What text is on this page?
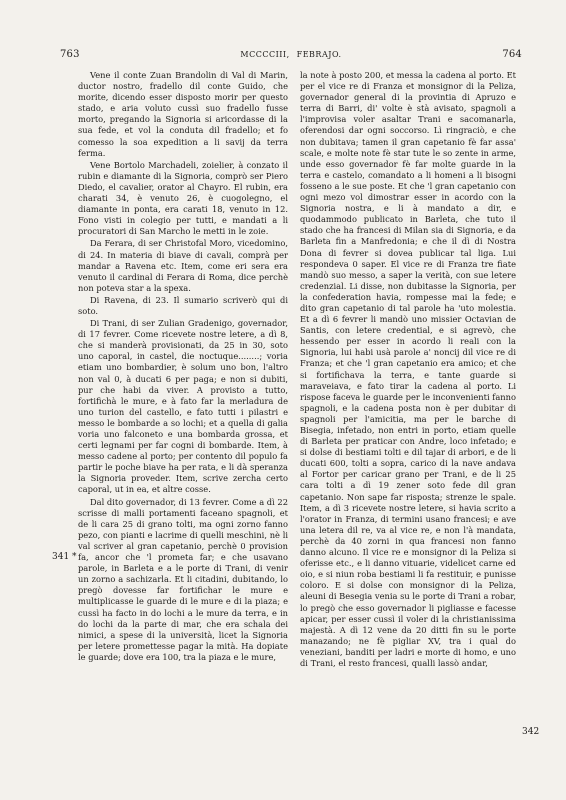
763	MCCCCIII, FEBRAJO.	764

Vene il conte Zuan Brandolin di Val di Marin, ductor nostro, fradello dil conte Guido, che morite, dicendo esser disposto morir per questo stado, e aria voluto cussì suo fradello fusse morto, pregando la Signoria si aricordasse di la sua fede, et vol la conduta dil fradello; et fo comesso la soa expedition a li savij da terra ferma.

Vene Bortolo Marchadeli, zoielier, à conzato il rubin e diamante di la Signoria, comprò ser Piero Diedo, el cavalier, orator al Chayro. El rubin, era charati 34, è venuto 26, è cuogolegno, el diamante in ponta, era carati 18, venuto in 12. Fono visti in colegio per tutti, e mandati a li procuratori di San Marcho le metti in le zoie.

Da Ferara, di ser Christofal Moro, vicedomino, di 24. In materia di biave di cavali, comprà per mandar a Ravena etc. Item, come eri sera era venuto il cardinal di Ferara di Roma, dice perchè non poteva star a la spexa.

Di Ravena, di 23. Il sumario scriverò qui di soto.

Di Trani, di ser Zulian Gradenigo, governador, di 17 fevrer. Come ricevete nostre letere, a dì 8, che si manderà provisionati, da 25 in 30, soto uno caporal, in castel, die noctuque........; voria etiam uno bombardier, è solum uno bon, l'altro non val 0, à ducati 6 per paga; e non si dubiti, pur che habi da viver. A provisto a tutto, fortifichà le mure, e à fato far la merladura de uno turion del castello, e fato tutti i pilastri e messo le bombarde a so lochi; et a quella di galia voria uno falconeto e una bombarda grossa, et certi legnami per far cogni di bombarde. Item, à messo cadene al porto; per contento dil populo fa partir le poche biave ha per rata, e li dà speranza la Signoria proveder. Item, scrive zercha certo caporal, ut in ea, et altre cosse.

Dal dito governador, di 13 fevrer. Come a dì 22 scrisse di malli portamenti faceano spagnoli, et de li cara 25 di grano tolti, ma ogni zorno fanno pezo, con pianti e lacrime di quelli meschini, nè li val scriver al gran capetanio, perchè 0 provision fa, ancor che 'l prometa far; e che usavano parole, in Barleta e a le porte di Trani, di venir un zorno a sachizarla. Et li citadini, dubitando, lo pregò dovesse far fortifichar le mure e multiplicasse le guarde di le mure e di la piaza; e cussì ha facto in do lochi a le mure da terra, e in do lochi da la parte di mar, che era schala dei nimici, a spese di la università, licet la Signoria per letere promettesse pagar la mità. Ha dopiate le guarde; dove era 100, tra la piaza e le mure,

la note à posto 200, et messa la cadena al porto. Et per el vice re di Franza et monsignor di la Peliza, governador general di la provintia di Apruzo e terra di Barri, di' volte è stà avisato, spagnoli a l'improvisa voler asaltar Trani e sacomanarla, oferendosi dar ogni soccorso. Lì ringraciò, e che non dubitava; tamen il gran capetanio fè far assa' scale, e molte note fè star tute le so zente in arme, unde esso governador fè far molte guarde in la terra e castelo, comandato a li homeni a li bisogni fosseno a le sue poste. Et che 'l gran capetanio con ogni mezo vol dimostrar esser in acordo con la Signoria nostra, e li à mandato a dir, e quodammodo publicato in Barleta, che tuto il stado che ha francesi di Milan sia di Signoria, e da Barleta fin a Manfredonia; e che il dì di Nostra Dona di fevrer si dovea publicar tal liga. Lui respondeva 0 saper. El vice re di Franza tre fiate mandò suo messo, a saper la verità, con sue letere credenzial. Li disse, non dubitasse la Signoria, per la confederation havia, rompesse mai la fede; e dito gran capetanio di tal parole ha 'uto molestia. Et a dì 6 fevrer li mandò uno missier Octavian de Santis, con letere credential, e si agrevò, che hessendo per esser in acordo li reali con la Signoria, lui habi usà parole a' noncij dil vice re di Franza; et che 'l gran capetanio era amico; et che si fortifichava la terra, e tante guarde si maraveiava, e fato tirar la cadena al porto. Li rispose faceva le guarde per le inconvenienti fanno spagnoli, e la cadena posta non è per dubitar di spagnoli per l'amicitia, ma per le barche di Bisegia, infetado, non entri in porto, etiam quelle di Barleta per praticar con Andre, loco infetado; e si dolse di bestiami tolti e dil tajar di arbori, e de li ducati 600, tolti a sopra, carico di la nave andava al Fortor per caricar grano per Trani, e de li 25 cara tolti a dì 19 zener soto fede dil gran capetanio. Non sape far risposta; strenze le spale. Item, a dì 3 ricevete nostre letere, si havia scrito a l'orator in Franza, di termini usano francesi; e ave una letera dil re, va al vice re, e non l'à mandata, perchè da 40 zorni in qua francesi non fanno danno alcuno. Il vice re e monsignor di la Peliza si oferisse etc., e li danno vituarie, videlicet carne ed oio, e si niun roba bestiami li fa restituir, e punisse coloro. E si dolse con monsignor di la Peliza, aleuni di Besegia venia su le porte di Trani a robar, lo pregò che esso governador li pigliasse e facesse apicar, per esser cussì il voler di la christianissima majestà. A dì 12 vene da 20 ditti fin su le porte manazando; ne fè pigliar XV, tra i qual do veneziani, banditi per ladri e morte di homo, e uno di Trani, el resto francesi, qualli lassò andar,

341 *
342
